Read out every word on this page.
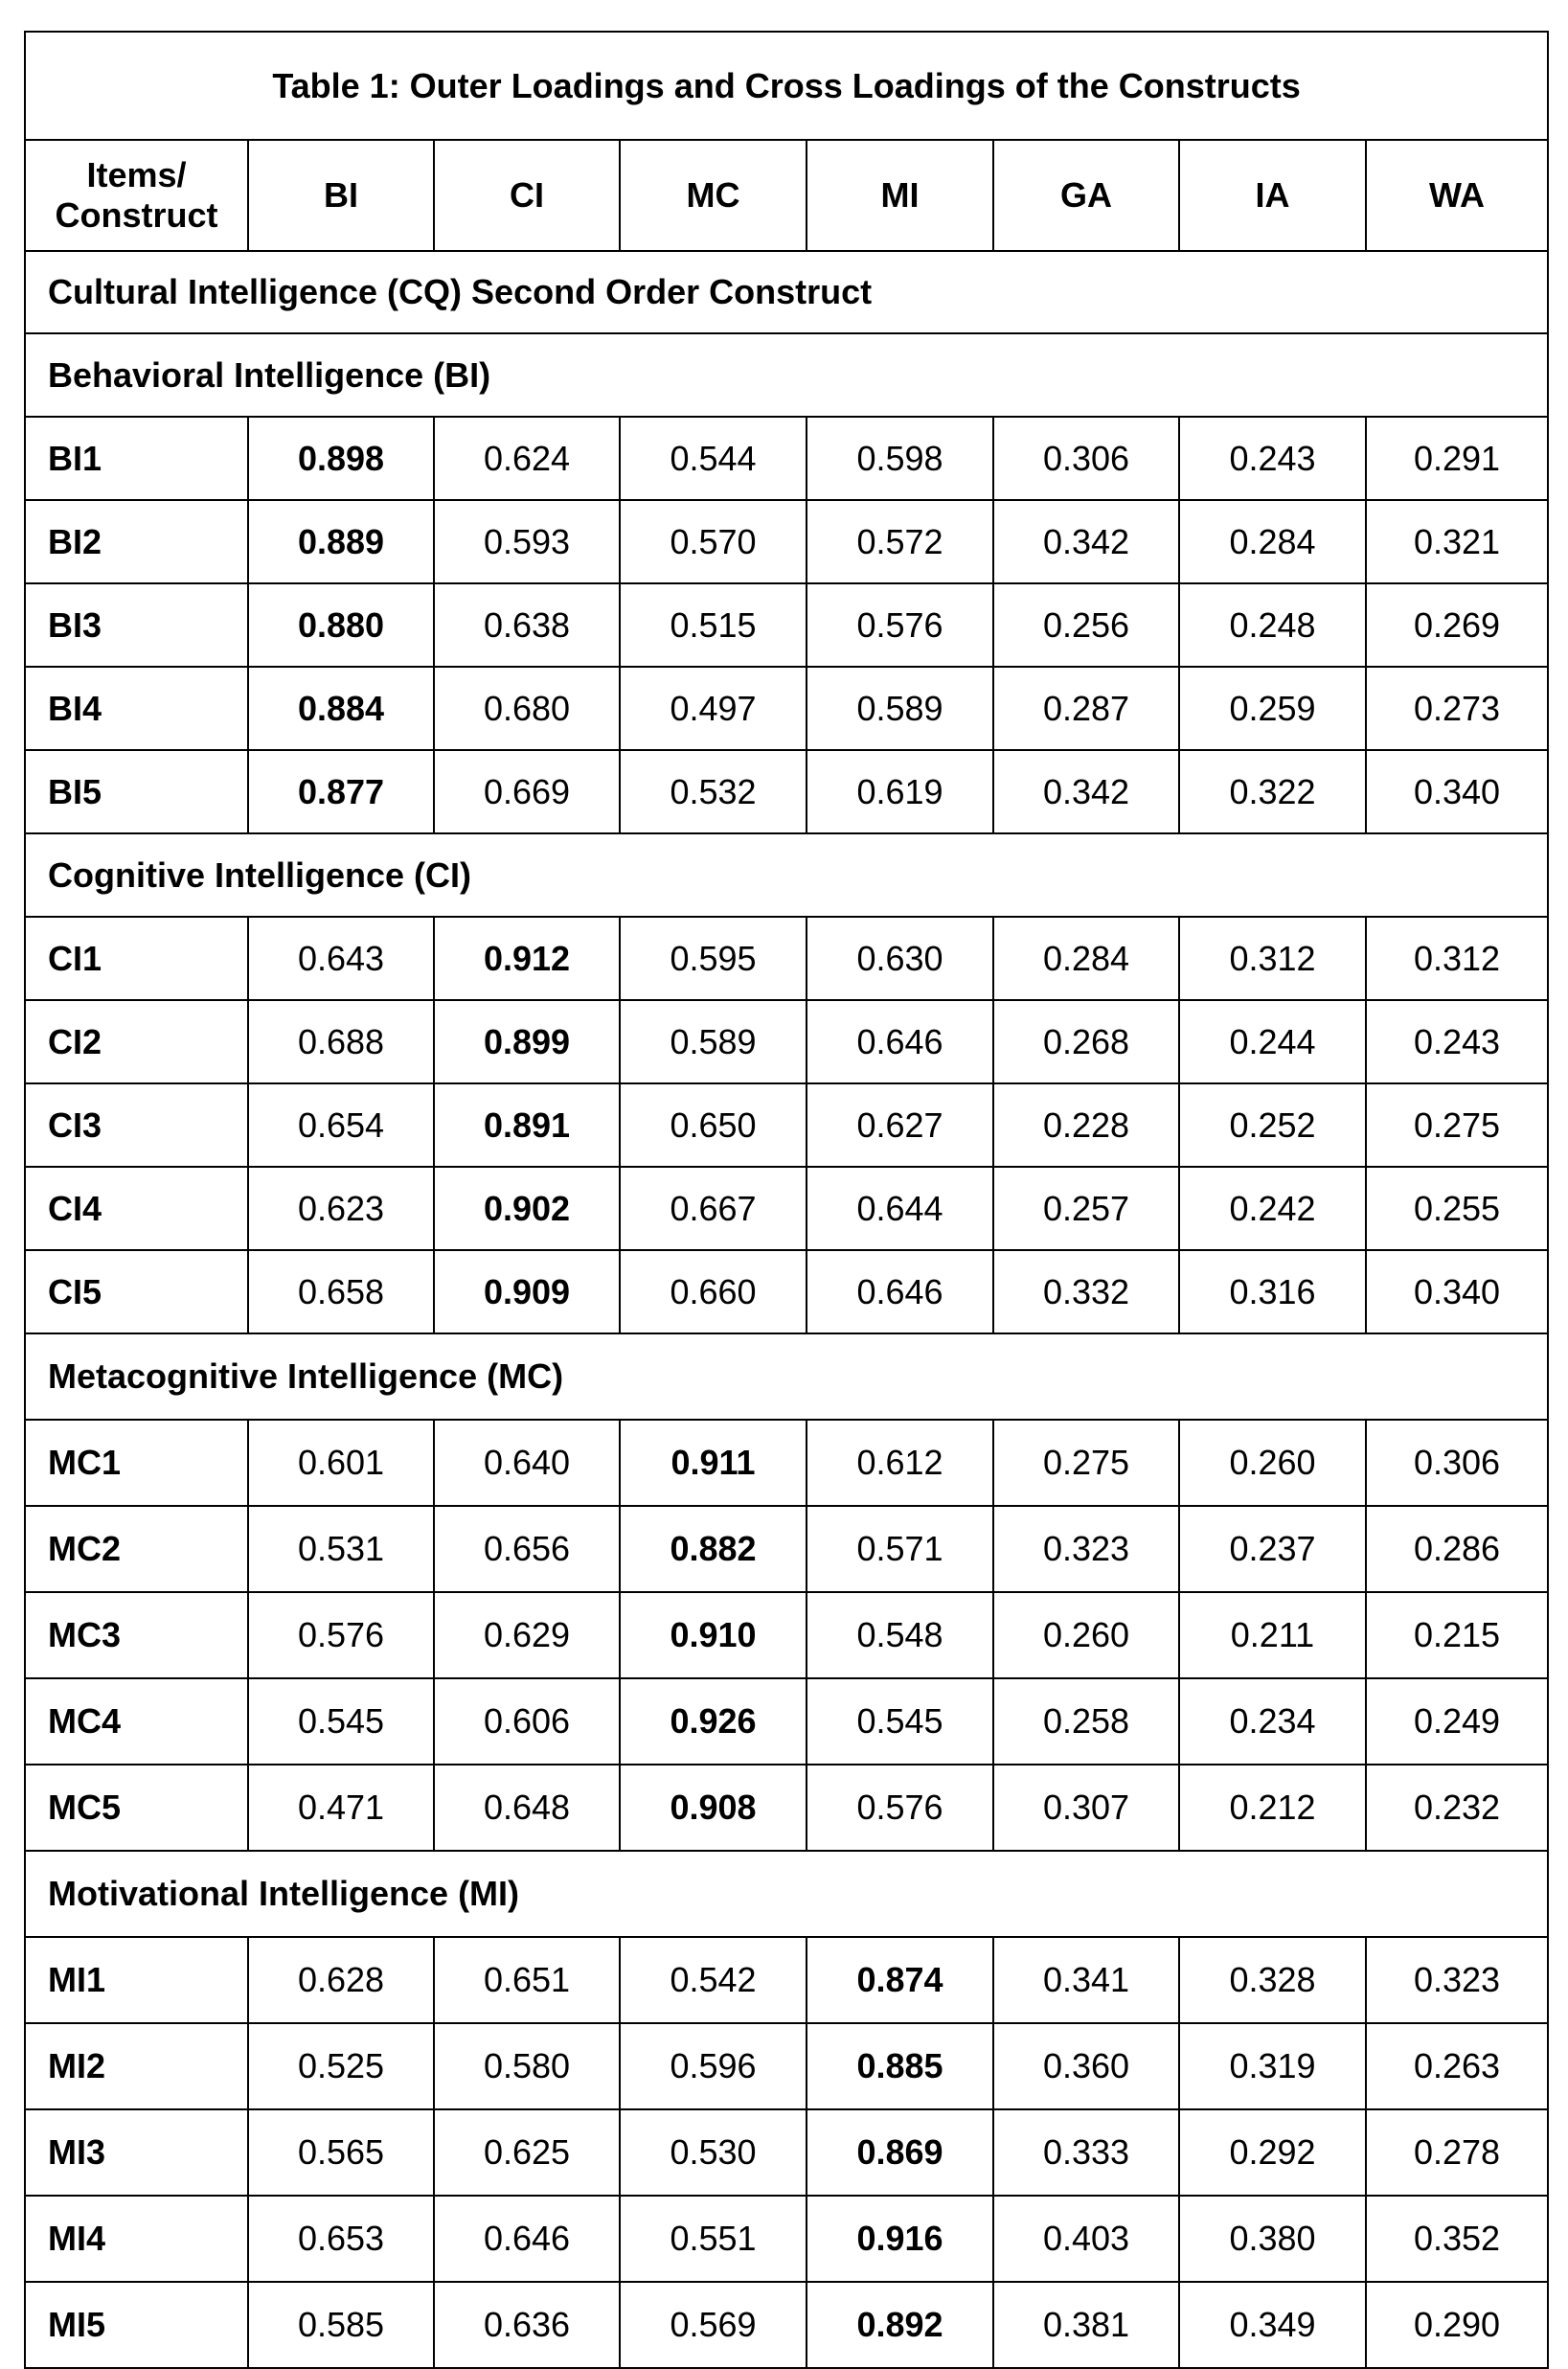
Table 1: Outer Loadings and Cross Loadings of the Constructs							
Items/
Construct	BI	CI	MC	MI	GA	IA	WA
Cultural Intelligence (CQ) Second Order Construct							
Behavioral Intelligence (BI)							
BI1	0.898	0.624	0.544	0.598	0.306	0.243	0.291
BI2	0.889	0.593	0.570	0.572	0.342	0.284	0.321
BI3	0.880	0.638	0.515	0.576	0.256	0.248	0.269
BI4	0.884	0.680	0.497	0.589	0.287	0.259	0.273
BI5	0.877	0.669	0.532	0.619	0.342	0.322	0.340
Cognitive Intelligence (CI)							
CI1	0.643	0.912	0.595	0.630	0.284	0.312	0.312
CI2	0.688	0.899	0.589	0.646	0.268	0.244	0.243
CI3	0.654	0.891	0.650	0.627	0.228	0.252	0.275
CI4	0.623	0.902	0.667	0.644	0.257	0.242	0.255
CI5	0.658	0.909	0.660	0.646	0.332	0.316	0.340
Metacognitive Intelligence (MC)							
MC1	0.601	0.640	0.911	0.612	0.275	0.260	0.306
MC2	0.531	0.656	0.882	0.571	0.323	0.237	0.286
MC3	0.576	0.629	0.910	0.548	0.260	0.211	0.215
MC4	0.545	0.606	0.926	0.545	0.258	0.234	0.249
MC5	0.471	0.648	0.908	0.576	0.307	0.212	0.232
Motivational Intelligence (MI)							
MI1	0.628	0.651	0.542	0.874	0.341	0.328	0.323
MI2	0.525	0.580	0.596	0.885	0.360	0.319	0.263
MI3	0.565	0.625	0.530	0.869	0.333	0.292	0.278
MI4	0.653	0.646	0.551	0.916	0.403	0.380	0.352
MI5	0.585	0.636	0.569	0.892	0.381	0.349	0.290
